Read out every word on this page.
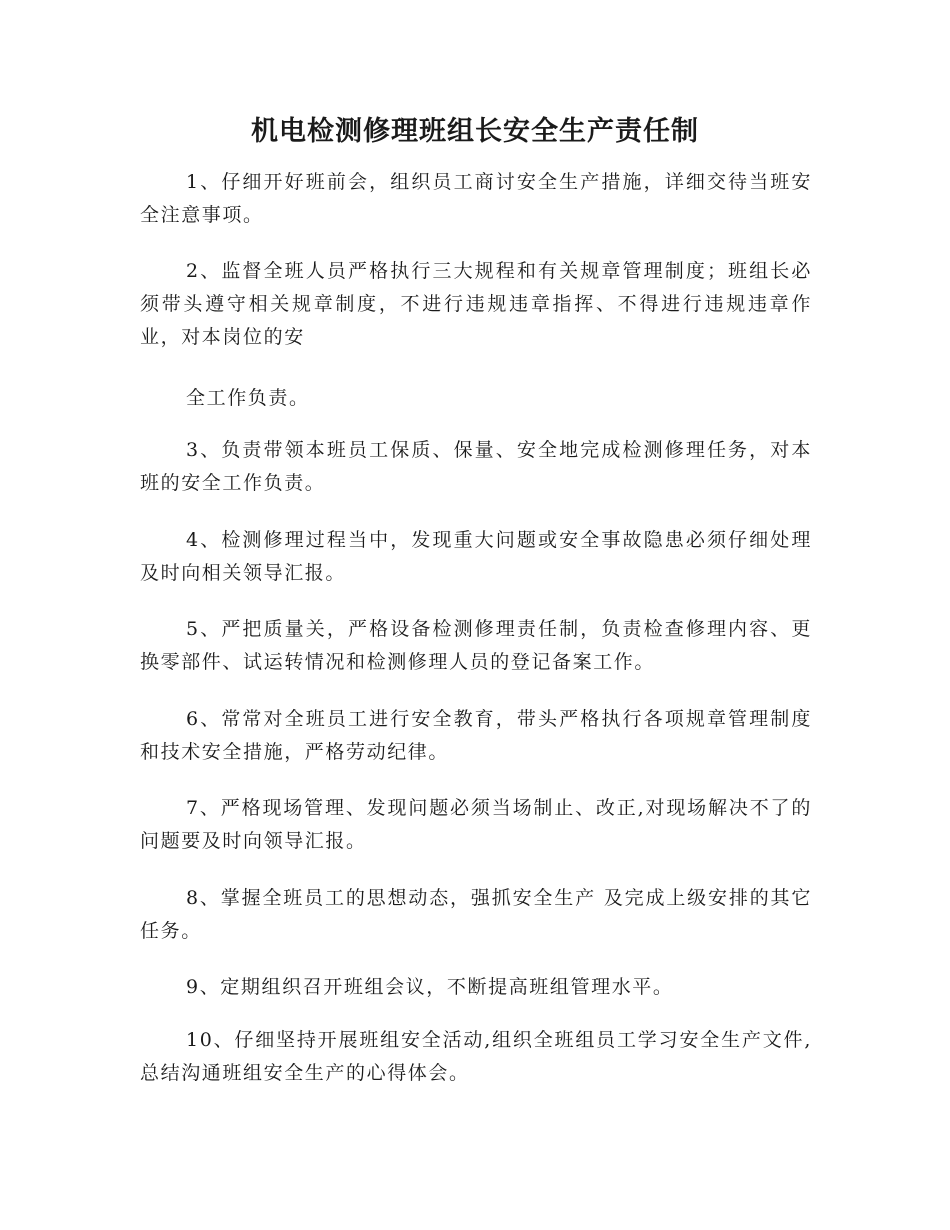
机电检测修理班组长安全生产责任制

1、仔细开好班前会，组织员工商讨安全生产措施，详细交待当班安全注意事项。

2、监督全班人员严格执行三大规程和有关规章管理制度；班组长必须带头遵守相关规章制度，不进行违规违章指挥、不得进行违规违章作业，对本岗位的安

全工作负责。

3、负责带领本班员工保质、保量、安全地完成检测修理任务，对本班的安全工作负责。

4、检测修理过程当中，发现重大问题或安全事故隐患必须仔细处理及时向相关领导汇报。

5、严把质量关，严格设备检测修理责任制，负责检查修理内容、更换零部件、试运转情况和检测修理人员的登记备案工作。

6、常常对全班员工进行安全教育，带头严格执行各项规章管理制度和技术安全措施，严格劳动纪律。

7、严格现场管理、发现问题必须当场制止、改正,对现场解决不了的问题要及时向领导汇报。

8、掌握全班员工的思想动态，强抓安全生产 及完成上级安排的其它任务。

9、定期组织召开班组会议，不断提高班组管理水平。

10、仔细坚持开展班组安全活动,组织全班组员工学习安全生产文件,总结沟通班组安全生产的心得体会。
